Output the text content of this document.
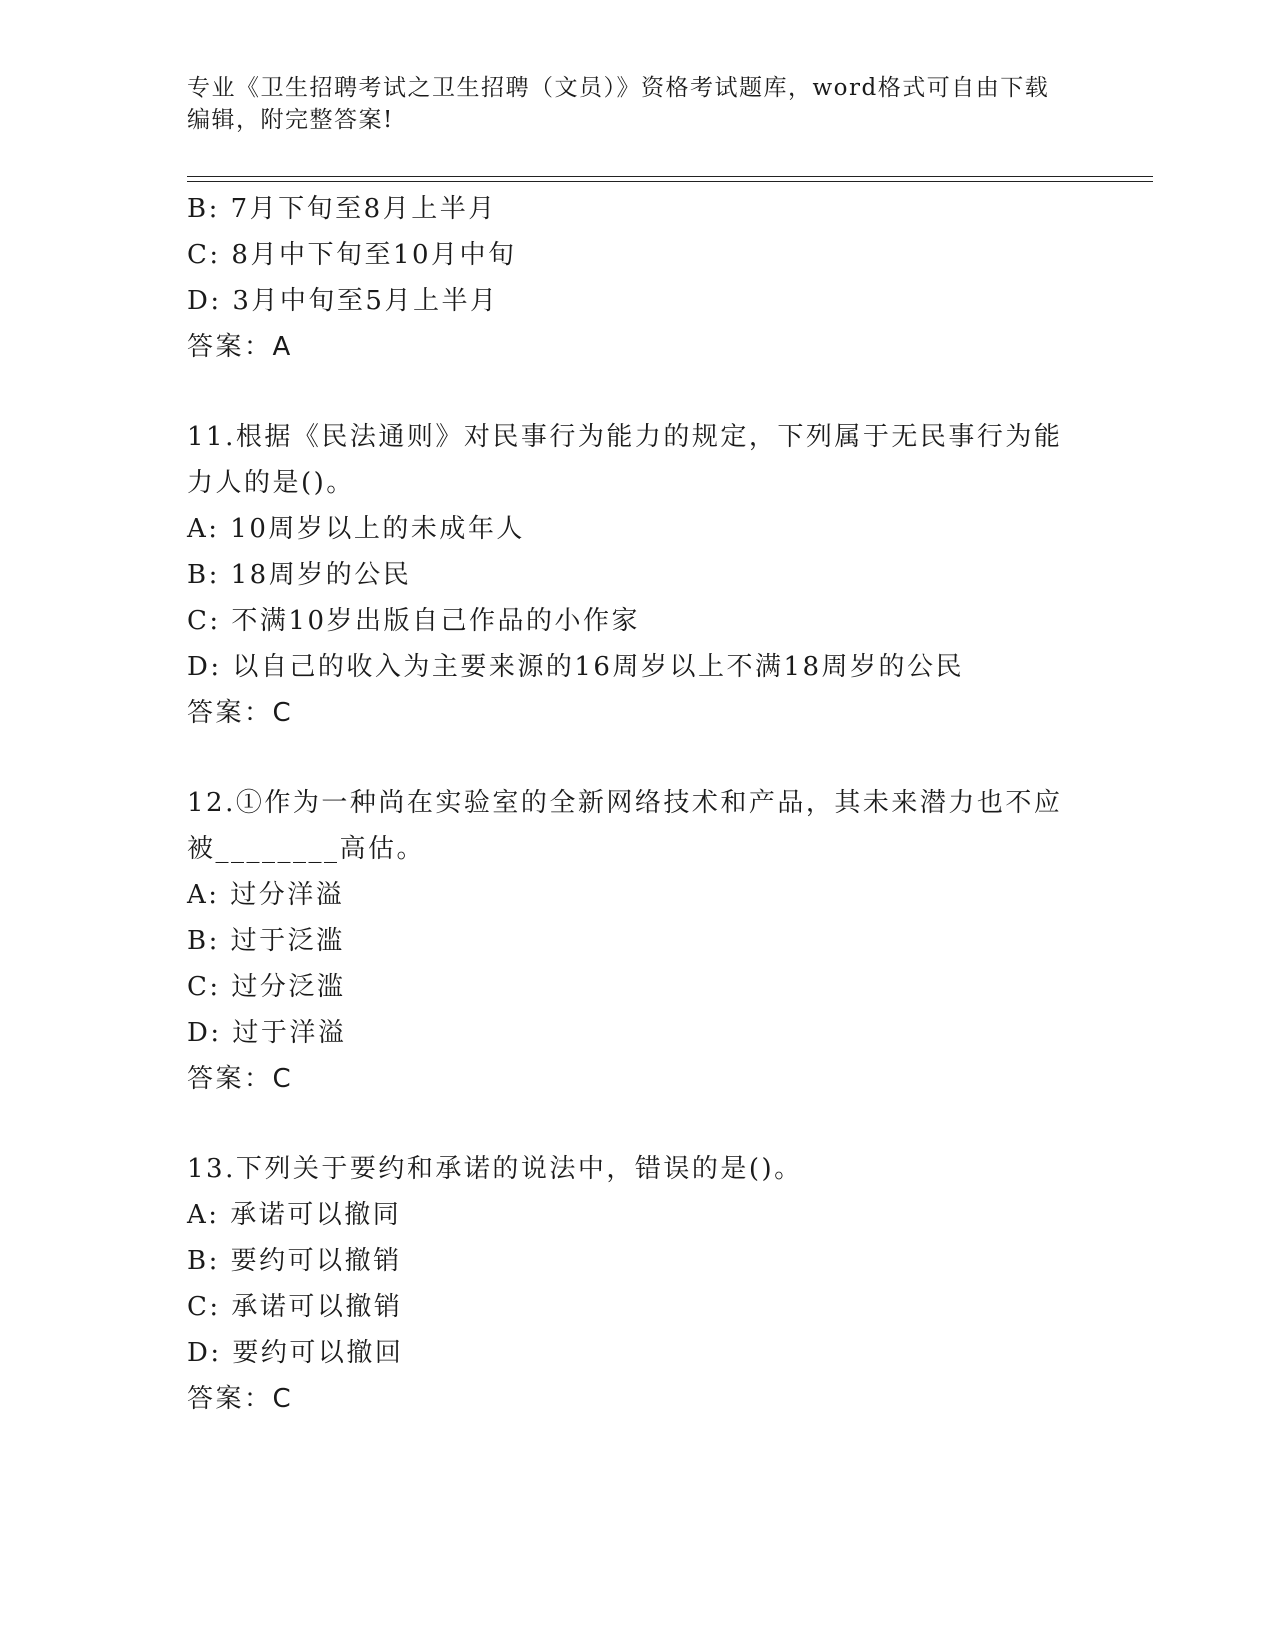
专业《卫生招聘考试之卫生招聘（文员）》资格考试题库，word格式可自由下载
编辑，附完整答案!
B: 7月下旬至8月上半月
C: 8月中下旬至10月中旬
D: 3月中旬至5月上半月
答案：A
11.根据《民法通则》对民事行为能力的规定，下列属于无民事行为能
力人的是()。
A: 10周岁以上的未成年人
B: 18周岁的公民
C: 不满10岁出版自己作品的小作家
D: 以自己的收入为主要来源的16周岁以上不满18周岁的公民
答案：C
12.①作为一种尚在实验室的全新网络技术和产品，其未来潜力也不应
被________高估。
A: 过分洋溢
B: 过于泛滥
C: 过分泛滥
D: 过于洋溢
答案：C
13.下列关于要约和承诺的说法中，错误的是()。
A: 承诺可以撤同
B: 要约可以撤销
C: 承诺可以撤销
D: 要约可以撤回
答案：C
